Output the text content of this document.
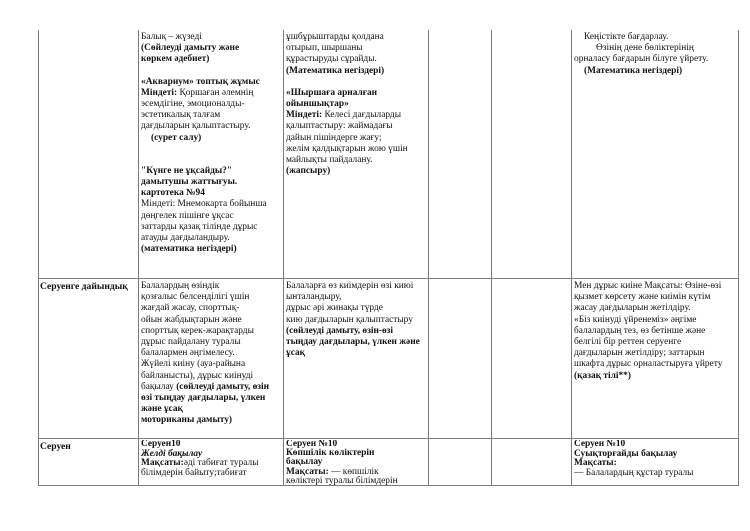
Балық – жүзеді

(Сөйлеуді дамыту және

көркем әдебиет)

«Аквариум» топтық жұмыс

Міндеті: Қоршаған әлемнің

эсемдігіне, эмоционалды-

эстетикалық талғам

дағдыларын қалыптастыру.

(сурет салу)

"Күнге не ұқсайды?"

дамытушы жаттығуы.

картотека №94

Міндеті: Мнемокарта бойынша

дөңгелек пішінге ұқсас

заттарды қазақ тілінде дұрыс

атауды дағдыландыру.

(математика негіздері)

ұшбұрыштарды қолдана

отырып, шыршаны

құрастыруды сұрайды.

(Математика негіздері)

«Шыршаға арналған

ойыншықтар»

Міндеті: Келесі дағдыларды

қалыптастыру: жаймадағы

дайын пішіндерге жағу;

желім қалдықтарын жою үшін

майлықты пайдалану.

(жапсыру)

Кеңістікте бағдарлау.

Өзінің дене бөліктерінің

орналасу бағдарын білуге үйрету.

(Математика негіздері)

Серуенге дайындық	Балалардың өзіндік

қозғалыс белсенділігі үшін

жағдай жасау, спорттық-

ойын жабдықтарын және

спорттық керек-жарақтарды

дұрыс пайдалану туралы

балалармен әңгімелесу.

Жүйелі киіну (ауа-райына

байланысты), дұрыс киінуді

бақылау (сөйлеуді дамыту, өзін

өзі тыңдау дағдылары, үлкен

және ұсақ

моториканы дамыту)

Балаларға өз киімдерін өзі киюі

ынталандыру,

дұрыс әрі жинақы түрде

кию дағдыларын қалыптастыру

(сөйлеуді дамыту, өзін-өзі

тыңдау дағдылары, үлкен және

ұсақ

Мен дұрыс киіне Мақсаты: Өзіне-өзі

қызмет көрсету және киімін күтім

жасау дағдыларын жетілдіру.

«Біз киінуді үйренеміз» әңгіме

балалардың тез, өз бетінше және

белгілі бір реттен серуенге

дағдыларын жетілдіру; заттарын

шкафта дұрыс орналастыруға үйрету

(қазақ тілі**)

Серуен	Серуен10

Желді бақылау

Мақсаты:әді табиғат туралы

білімдерін байыту;табиғат

Серуен №10

Көпшілік көліктерін

бақылау

Мақсаты: — көпшілік

көліктері туралы білімдерін

Серуен №10

Суықторғайды бақылау

Мақсаты:

— Балалардың құстар туралы
